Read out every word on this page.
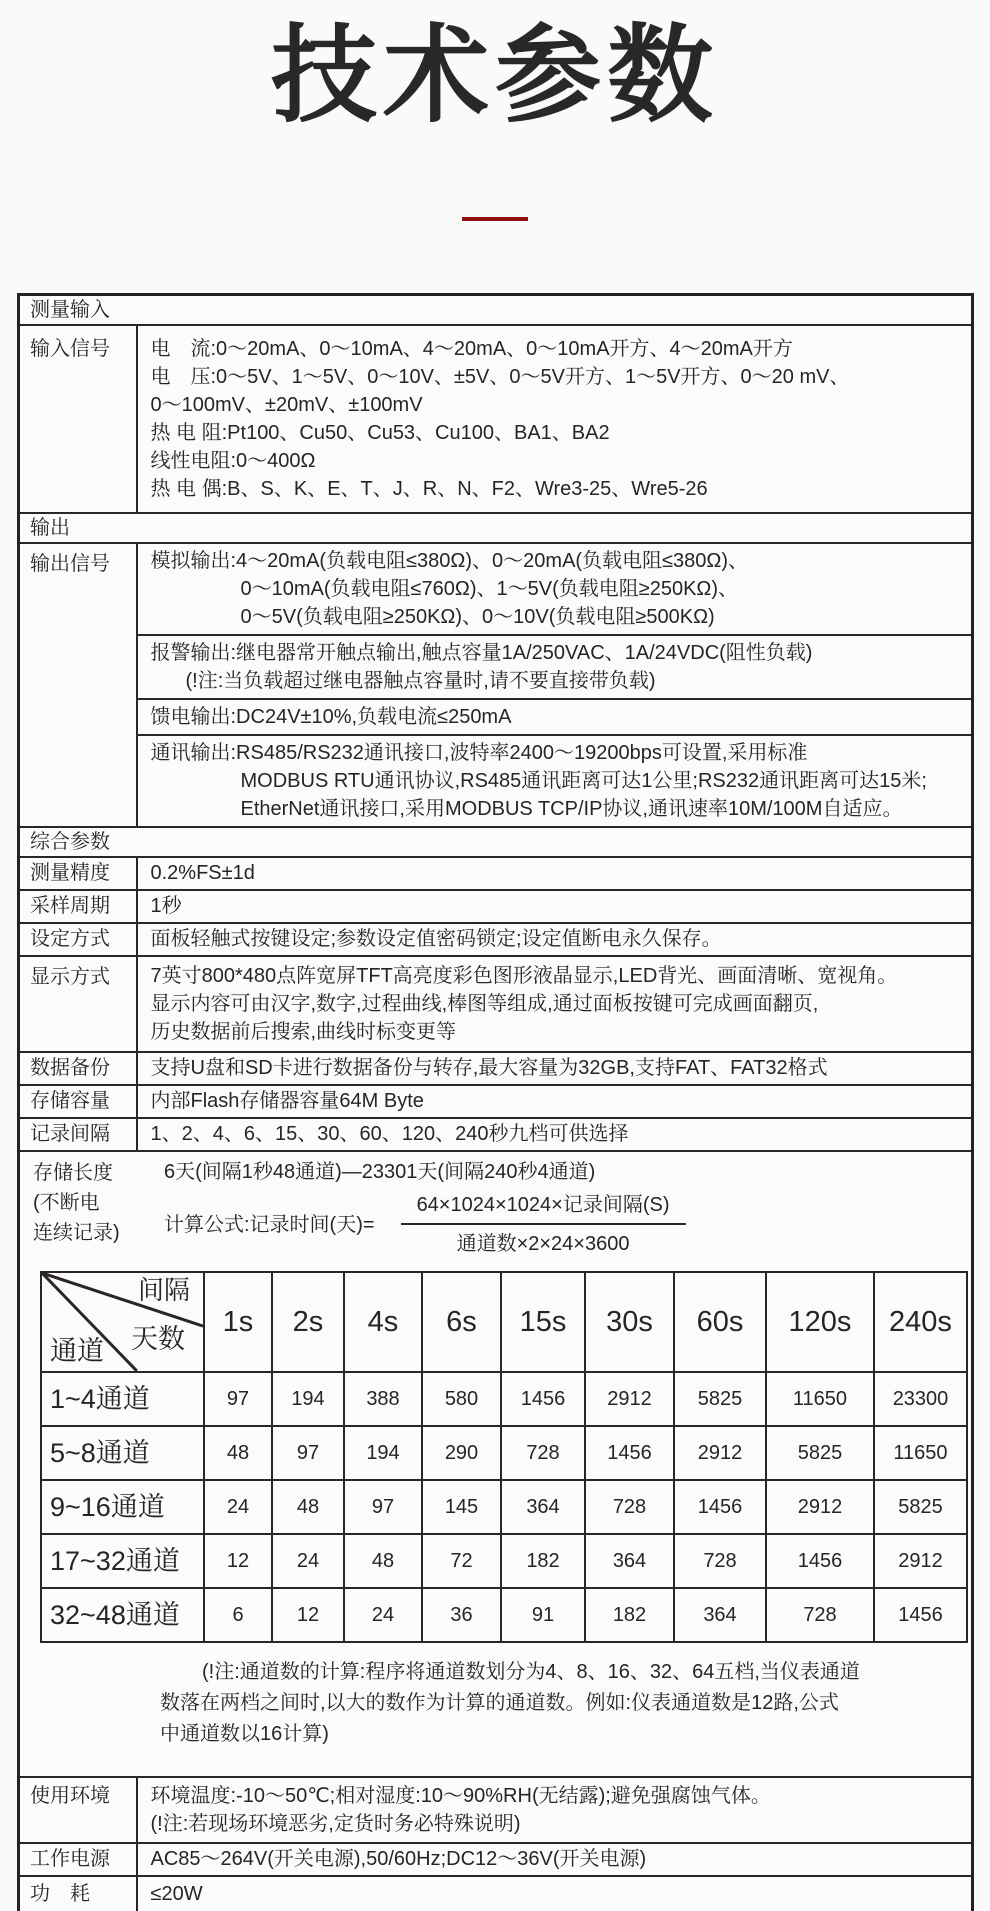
技术参数
测量输入
输入信号	电　流:0～20mA、0～10mA、4～20mA、0～10mA开方、4～20mA开方
电　压:0～5V、1～5V、0～10V、±5V、0～5V开方、1～5V开方、0～20 mV、
0～100mV、±20mV、±100mV
热 电 阻:Pt100、Cu50、Cu53、Cu100、BA1、BA2
线性电阻:0～400Ω
热 电 偶:B、S、K、E、T、J、R、N、F2、Wre3-25、Wre5-26

输出
输出信号	模拟输出:4～20mA(负载电阻≤380Ω)、0～20mA(负载电阻≤380Ω)、
0～10mA(负载电阻≤760Ω)、1～5V(负载电阻≥250KΩ)、
0～5V(负载电阻≥250KΩ)、0～10V(负载电阻≥500KΩ)
报警输出:继电器常开触点输出,触点容量1A/250VAC、1A/24VDC(阻性负载)
(!注:当负载超过继电器触点容量时,请不要直接带负载)
馈电输出:DC24V±10%,负载电流≤250mA
通讯输出:RS485/RS232通讯接口,波特率2400～19200bps可设置,采用标准
MODBUS RTU通讯协议,RS485通讯距离可达1公里;RS232通讯距离可达15米;
EtherNet通讯接口,采用MODBUS TCP/IP协议,通讯速率10M/100M自适应。

综合参数
测量精度	0.2%FS±1d
采样周期	1秒
设定方式	面板轻触式按键设定;参数设定值密码锁定;设定值断电永久保存。
显示方式	7英寸800*480点阵宽屏TFT高亮度彩色图形液晶显示,LED背光、画面清晰、宽视角。
显示内容可由汉字,数字,过程曲线,棒图等组成,通过面板按键可完成画面翻页,
历史数据前后搜索,曲线时标变更等

数据备份	支持U盘和SD卡进行数据备份与转存,最大容量为32GB,支持FAT、FAT32格式
存储容量	内部Flash存储器容量64M Byte
记录间隔	1、2、4、6、15、30、60、120、240秒九档可供选择

存储长度
(不断电
连续记录)
6天(间隔1秒48通道)—23301天(间隔240秒4通道)
计算公式:记录时间(天)= $\frac{\text{64×1024×1024×记录间隔(S)}}{\text{通道数×2×24×3600}}$
间隔
天数
通道
	1s	2s	4s	6s	15s	30s	60s	120s	240s
1~4通道	97	194	388	580	1456	2912	5825	11650	23300
5~8通道	48	97	194	290	728	1456	2912	5825	11650
9~16通道	24	48	97	145	364	728	1456	2912	5825
17~32通道	12	24	48	72	182	364	728	1456	2912
32~48通道	6	12	24	36	91	182	364	728	1456
(!注:通道数的计算:程序将通道数划分为4、8、16、32、64五档,当仪表通道
数落在两档之间时,以大的数作为计算的通道数。例如:仪表通道数是12路,公式
中通道数以16计算)

使用环境	环境温度:-10～50℃;相对湿度:10～90%RH(无结露);避免强腐蚀气体。
(!注:若现场环境恶劣,定货时务必特殊说明)

工作电源	AC85～264V(开关电源),50/60Hz;DC12～36V(开关电源)
功　耗	≤20W
